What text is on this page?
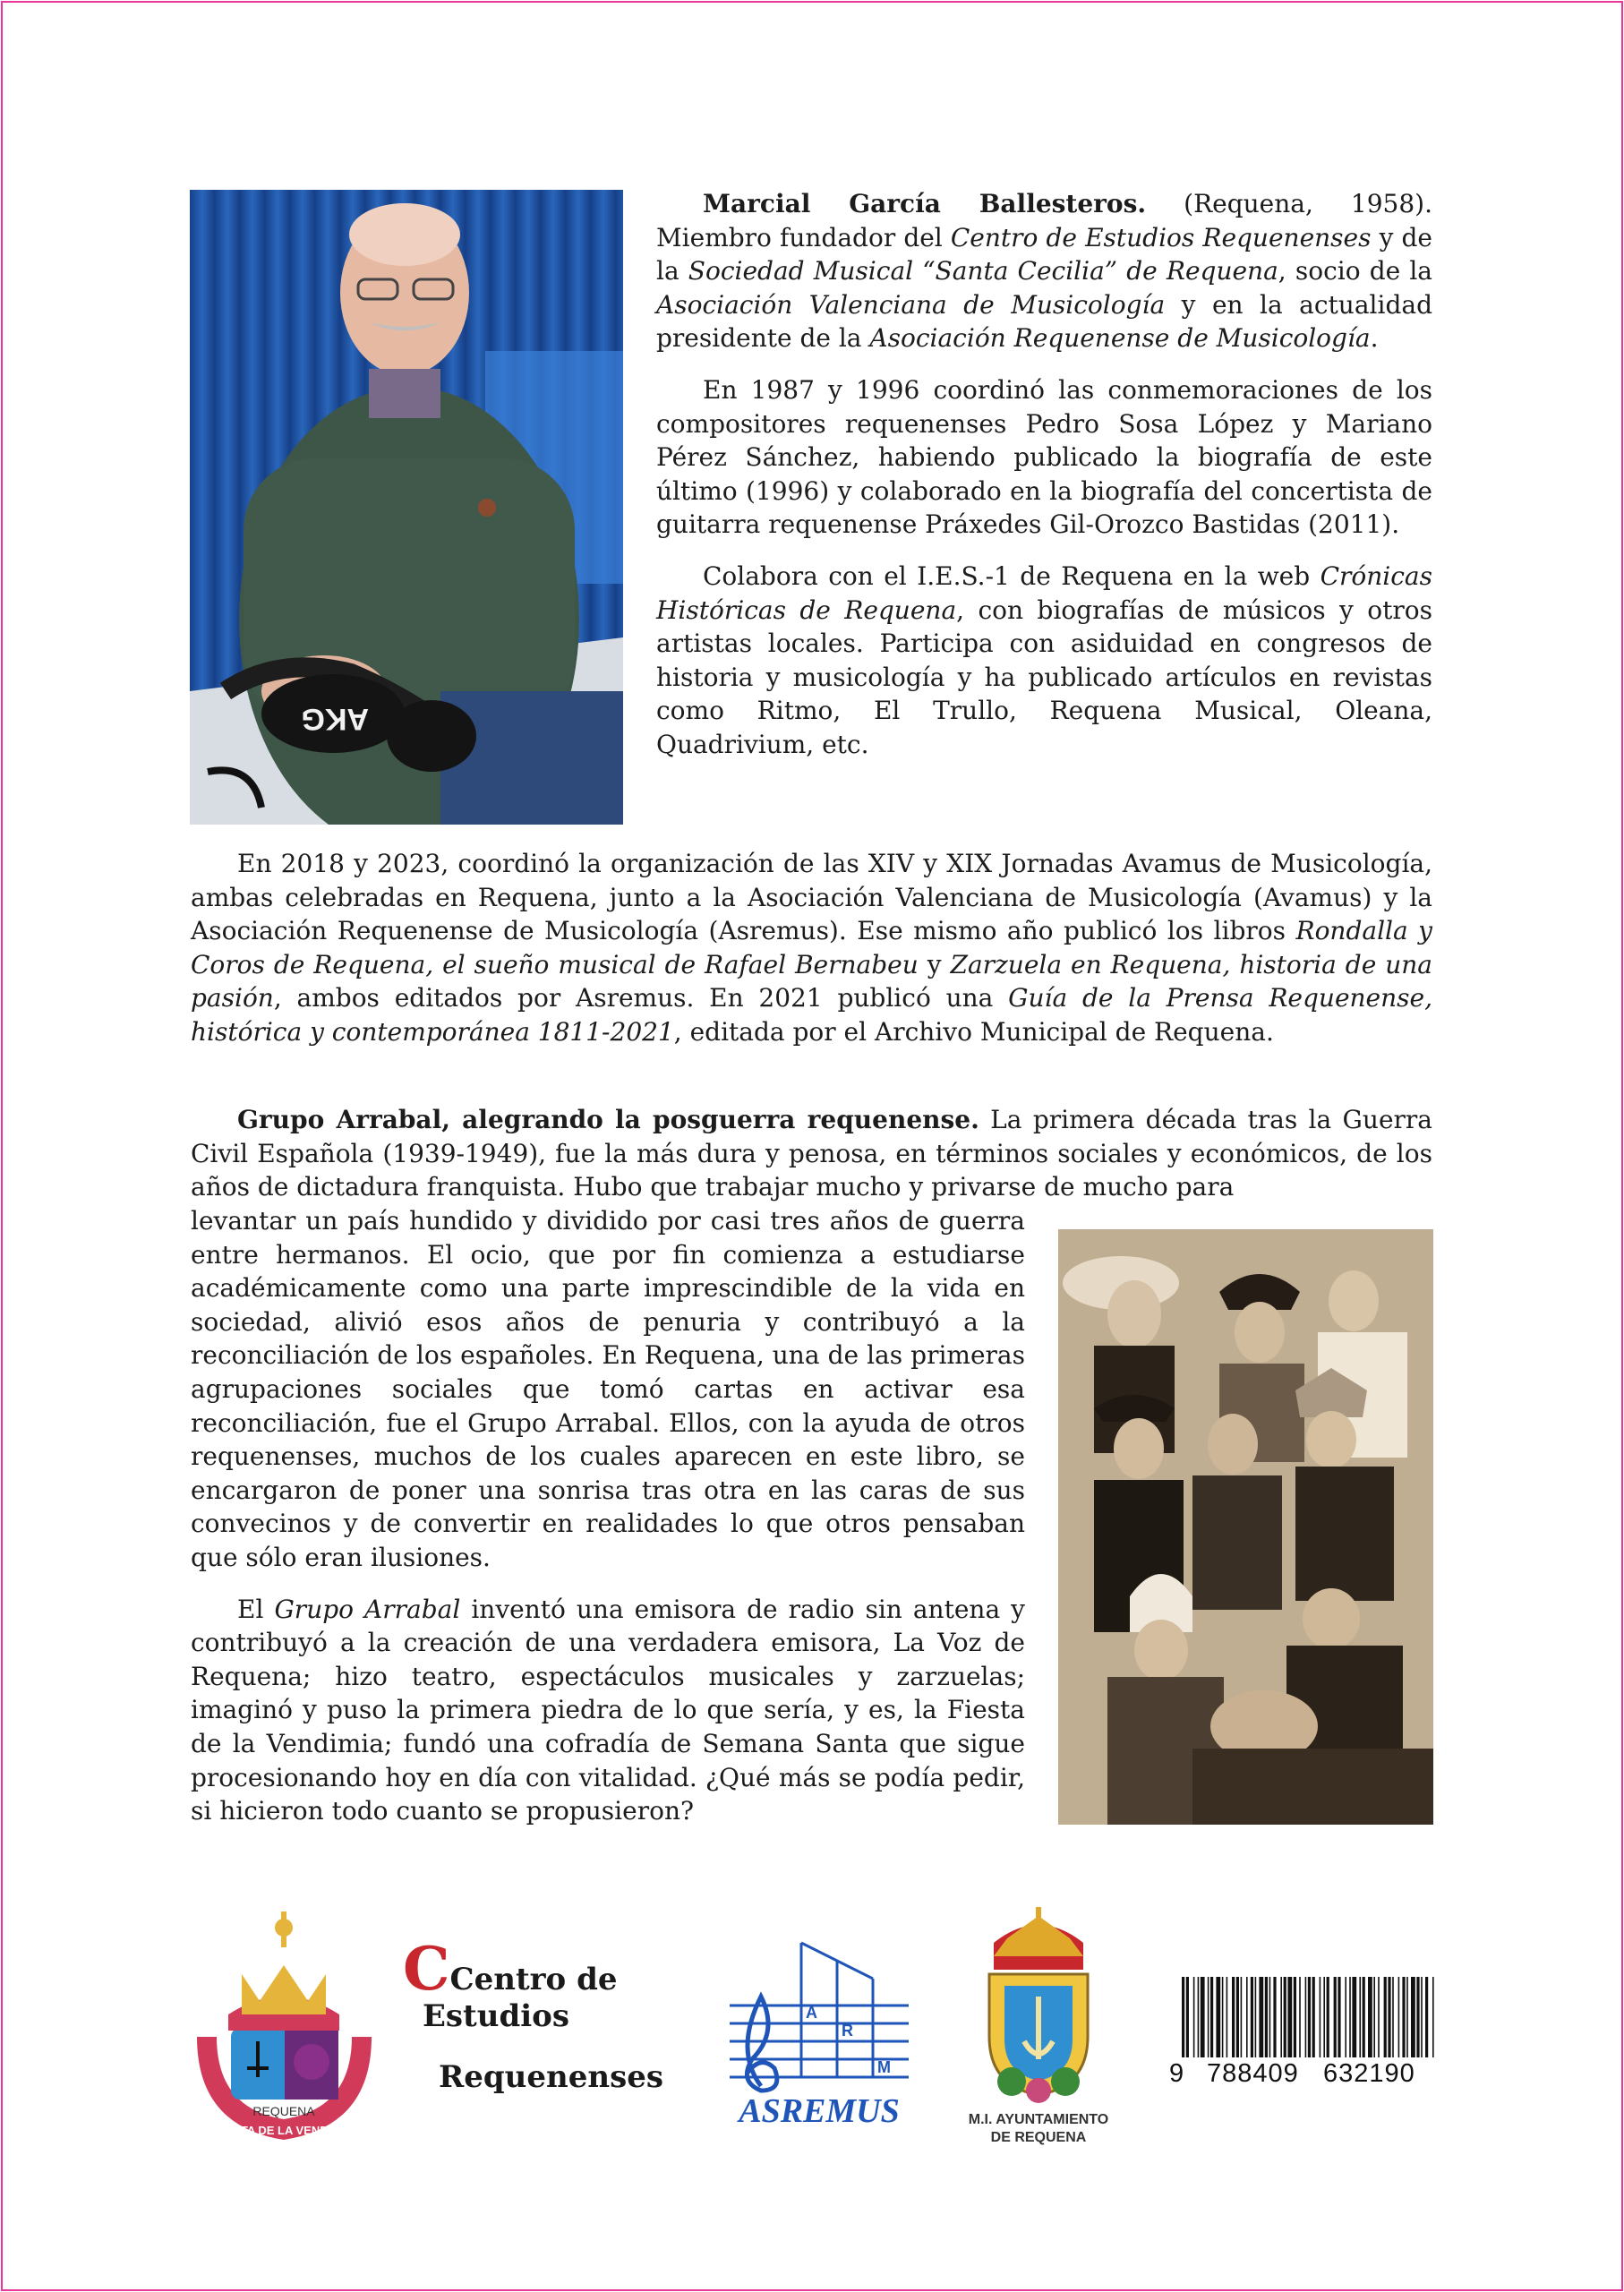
AKG

Marcial García Ballesteros. (Requena, 1958). Miembro fundador del Centro de Estudios Requenenses y de la Sociedad Musical “Santa Cecilia” de Requena, socio de la Asociación Valenciana de Musicología y en la actualidad presidente de la Asociación Requenense de Musicología.

En 1987 y 1996 coordinó las conmemoraciones de los compositores requenenses Pedro Sosa López y Mariano Pérez Sánchez, habiendo publicado la biografía de este último (1996) y colaborado en la biografía del concertista de guitarra requenense Práxedes Gil-Orozco Bastidas (2011).

Colabora con el I.E.S.-1 de Requena en la web Crónicas Históricas de Requena, con biografías de músicos y otros artistas locales. Participa con asiduidad en congresos de historia y musicología y ha publicado artículos en revistas como Ritmo, El Trullo, Requena Musical, Oleana, Quadrivium, etc.

En 2018 y 2023, coordinó la organización de las XIV y XIX Jornadas Avamus de Musicología, ambas celebradas en Requena, junto a la Asociación Valenciana de Musicología (Avamus) y la Asociación Requenense de Musicología (Asremus). Ese mismo año publicó los libros Rondalla y Coros de Requena, el sueño musical de Rafael Bernabeu y Zarzuela en Requena, historia de una pasión, ambos editados por Asremus. En 2021 publicó una Guía de la Prensa Requenense, histórica y contemporánea 1811-2021, editada por el Archivo Municipal de Requena.

Grupo Arrabal, alegrando la posguerra requenense. La primera década tras la Guerra Civil Española (1939-1949), fue la más dura y penosa, en términos sociales y económicos, de los años de dictadura franquista. Hubo que trabajar mucho y privarse de mucho para

levantar un país hundido y dividido por casi tres años de guerra entre hermanos. El ocio, que por fin comienza a estudiarse académicamente como una parte imprescindible de la vida en sociedad, alivió esos años de penuria y contribuyó a la reconciliación de los españoles. En Requena, una de las primeras agrupaciones sociales que tomó cartas en activar esa reconciliación, fue el Grupo Arrabal. Ellos, con la ayuda de otros requenenses, muchos de los cuales aparecen en este libro, se encargaron de poner una sonrisa tras otra en las caras de sus convecinos y de convertir en realidades lo que otros pensaban que sólo eran ilusiones.

El Grupo Arrabal inventó una emisora de radio sin antena y contribuyó a la creación de una verdadera emisora, La Voz de Requena; hizo teatro, espectáculos musicales y zarzuelas; imaginó y puso la primera piedra de lo que sería, y es, la Fiesta de la Vendimia; fundó una cofradía de Semana Santa que sigue procesionando hoy en día con vitalidad. ¿Qué más se podía pedir, si hicieron todo cuanto se propusieron?

REQUENA
FIESTA DE LA VENDIMIA
CCentro de
Estudios
Requenenses
A
R
M
ASREMUS	M.I. AYUNTAMIENTO
DE REQUENA
9 788409 632190
